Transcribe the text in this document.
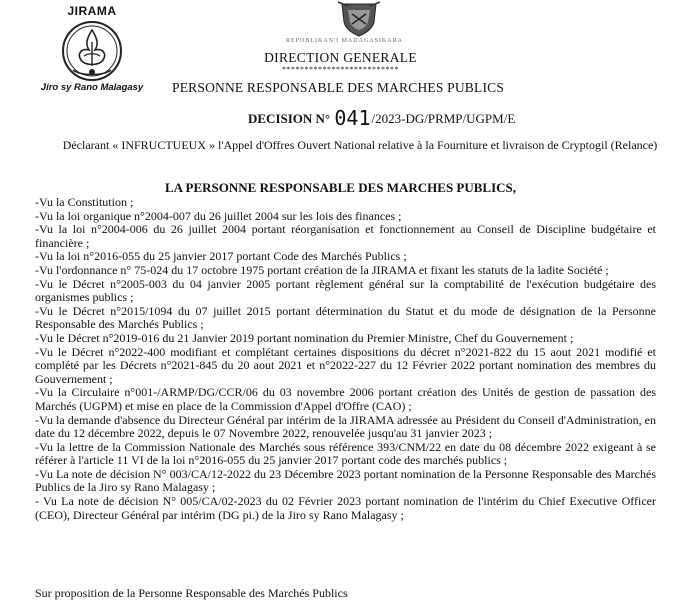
JIRAMA
Jiro sy Rano Malagasy
REPOBLIKAN'I MADAGASIKARA
DIRECTION GENERALE
**************************
PERSONNE RESPONSABLE DES MARCHES PUBLICS
DECISION N° 041/2023-DG/PRMP/UGPM/E
Déclarant « INFRUCTUEUX » l'Appel d'Offres Ouvert National relative à la Fourniture et livraison de Cryptogil (Relance)
LA PERSONNE RESPONSABLE DES MARCHES PUBLICS,
-Vu la Constitution ;
-Vu la loi organique n°2004-007 du 26 juillet 2004 sur les lois des finances ;
-Vu la loi n°2004-006 du 26 juillet 2004 portant réorganisation et fonctionnement au Conseil de Discipline budgétaire et financière ;
-Vu la loi n°2016-055 du 25 janvier 2017 portant Code des Marchés Publics ;
-Vu l'ordonnance n° 75-024 du 17 octobre 1975 portant création de la JIRAMA et fixant les statuts de la ladite Société ;
-Vu le Décret n°2005-003 du 04 janvier 2005 portant règlement général sur la comptabilité de l'exécution budgétaire des organismes publics ;
-Vu le Décret n°2015/1094 du 07 juillet 2015 portant détermination du Statut et du mode de désignation de la Personne Responsable des Marchés Publics ;
-Vu le Décret n°2019-016 du 21 Janvier 2019 portant nomination du Premier Ministre, Chef du Gouvernement ;
-Vu le Décret n°2022-400 modifiant et complétant certaines dispositions du décret n°2021-822 du 15 aout 2021 modifié et complété par les Décrets n°2021-845 du 20 aout 2021 et n°2022-227 du 12 Février 2022 portant nomination des membres du Gouvernement ;
-Vu la Circulaire n°001-/ARMP/DG/CCR/06 du 03 novembre 2006 portant création des Unités de gestion de passation des Marchés (UGPM) et mise en place de la Commission d'Appel d'Offre (CAO) ;
-Vu la demande d'absence du Directeur Général par intérim de la JIRAMA adressée au Président du Conseil d'Administration, en date du 12 décembre 2022, depuis le 07 Novembre 2022, renouvelée jusqu'au 31 janvier 2023 ;
-Vu la lettre de la Commission Nationale des Marchés sous référence 393/CNM/22 en date du 08 décembre 2022 exigeant à se référer à l'article 11 VI de la loi n°2016-055 du 25 janvier 2017 portant code des marchés publics ;
-Vu La note de décision N° 003/CA/12-2022 du 23 Décembre 2023 portant nomination de la Personne Responsable des Marchés Publics de la Jiro sy Rano Malagasy ;
- Vu La note de décision N° 005/CA/02-2023 du 02 Février 2023 portant nomination de l'intérim du Chief Executive Officer (CEO), Directeur Général par intérim (DG pi.) de la Jiro sy Rano Malagasy ;
Sur proposition de la Personne Responsable des Marchés Publics
